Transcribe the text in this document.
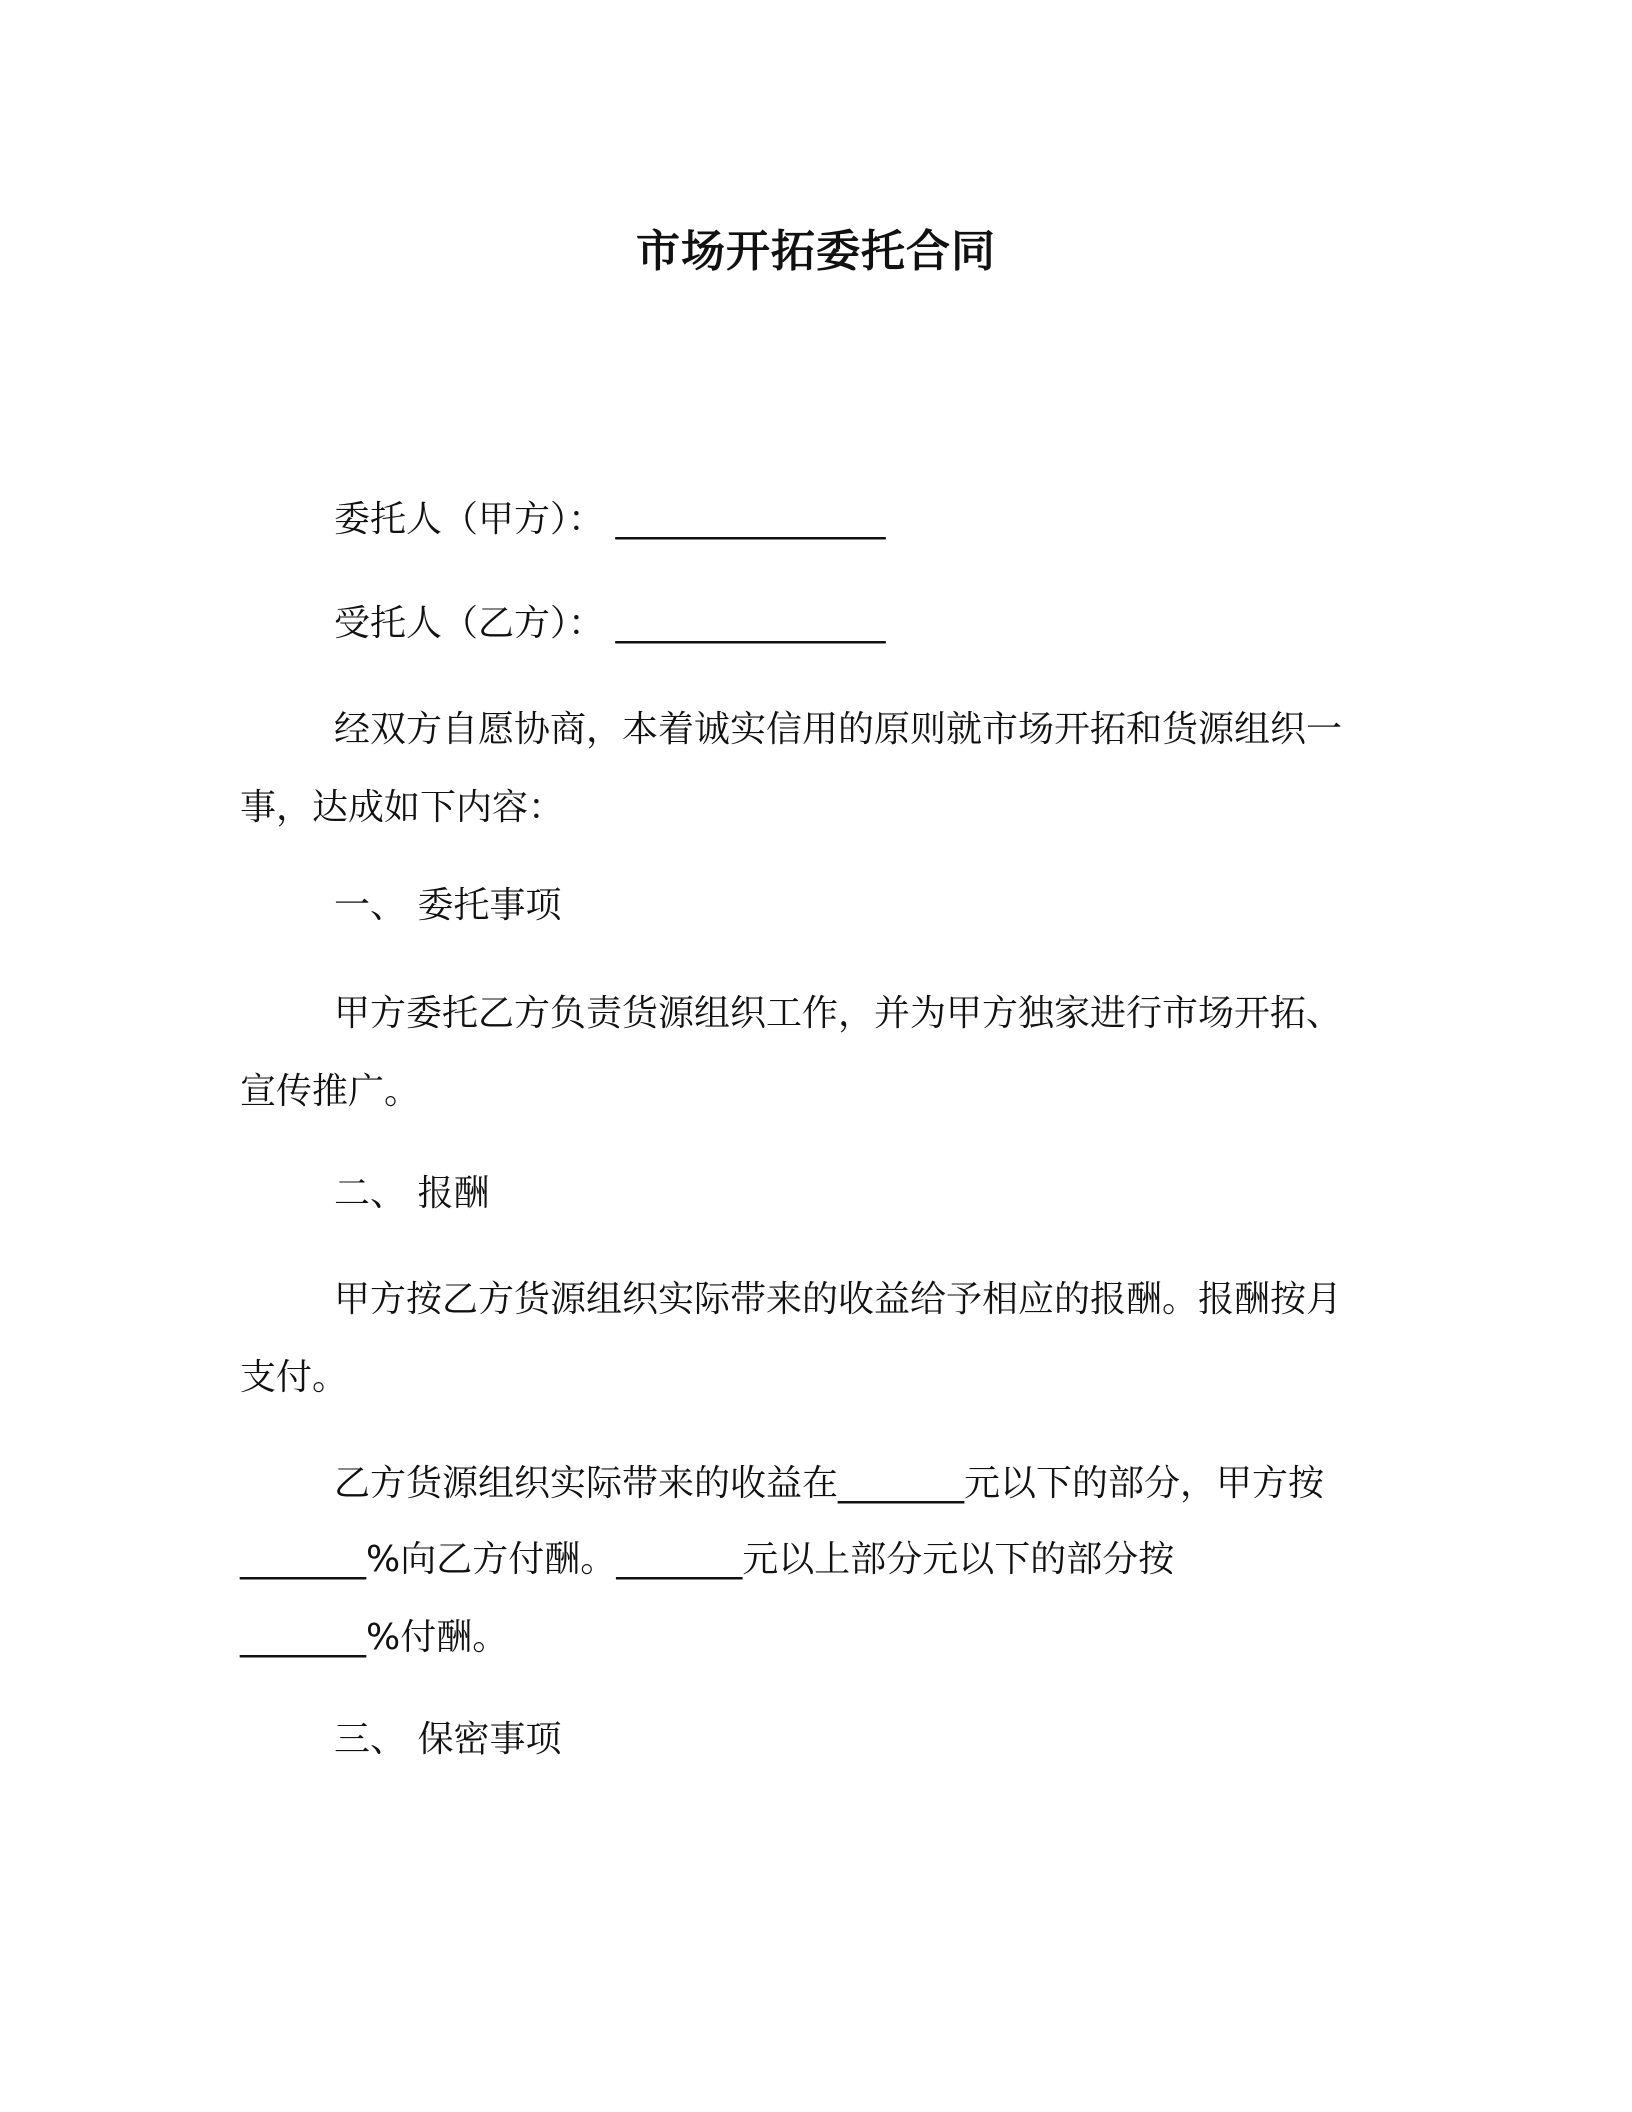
市场开拓委托合同
委托人（甲方）： _______________
受托人（乙方）： _______________
经双方自愿协商，本着诚实信用的原则就市场开拓和货源组织一
事，达成如下内容：
一、 委托事项
甲方委托乙方负责货源组织工作，并为甲方独家进行市场开拓、
宣传推广。
二、 报酬
甲方按乙方货源组织实际带来的收益给予相应的报酬。报酬按月
支付。
乙方货源组织实际带来的收益在_______元以下的部分，甲方按
_______%向乙方付酬。_______元以上部分元以下的部分按
_______%付酬。
三、 保密事项
